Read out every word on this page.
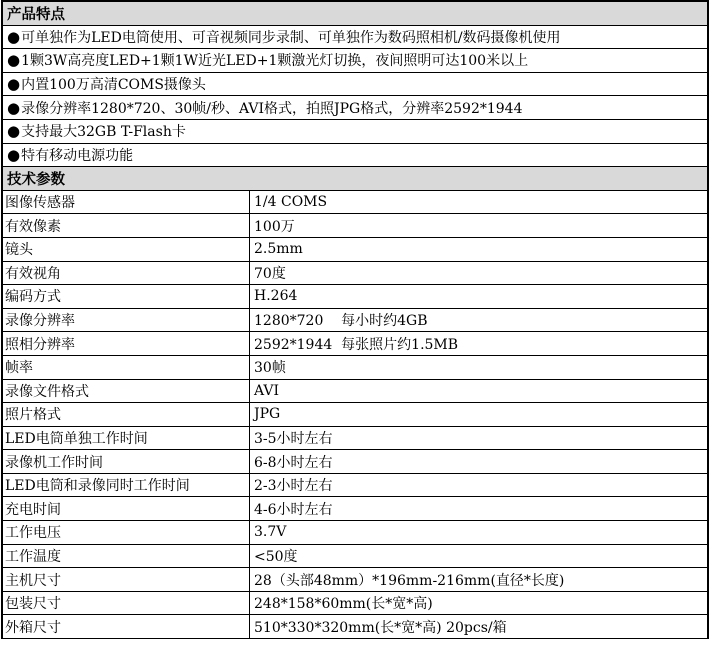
产品特点
●可单独作为LED电筒使用、可音视频同步录制、可单独作为数码照相机/数码摄像机使用
●1颗3W高亮度LED+1颗1W近光LED+1颗激光灯切换，夜间照明可达100米以上
●内置100万高清COMS摄像头
●录像分辨率1280*720、30帧/秒、AVI格式，拍照JPG格式，分辨率2592*1944
●支持最大32GB T-Flash卡
●特有移动电源功能
技术参数
图像传感器	1/4 COMS
有效像素	100万
镜头	2.5mm
有效视角	70度
编码方式	H.264
录像分辨率	1280*720    每小时约4GB
照相分辨率	2592*1944  每张照片约1.5MB
帧率	30帧
录像文件格式	AVI
照片格式	JPG
LED电筒单独工作时间	3-5小时左右
录像机工作时间	6-8小时左右
LED电筒和录像同时工作时间	2-3小时左右
充电时间	4-6小时左右
工作电压	3.7V
工作温度	<50度
主机尺寸	28（头部48mm）*196mm-216mm(直径*长度)
包装尺寸	248*158*60mm(长*宽*高)
外箱尺寸	510*330*320mm(长*宽*高) 20pcs/箱
